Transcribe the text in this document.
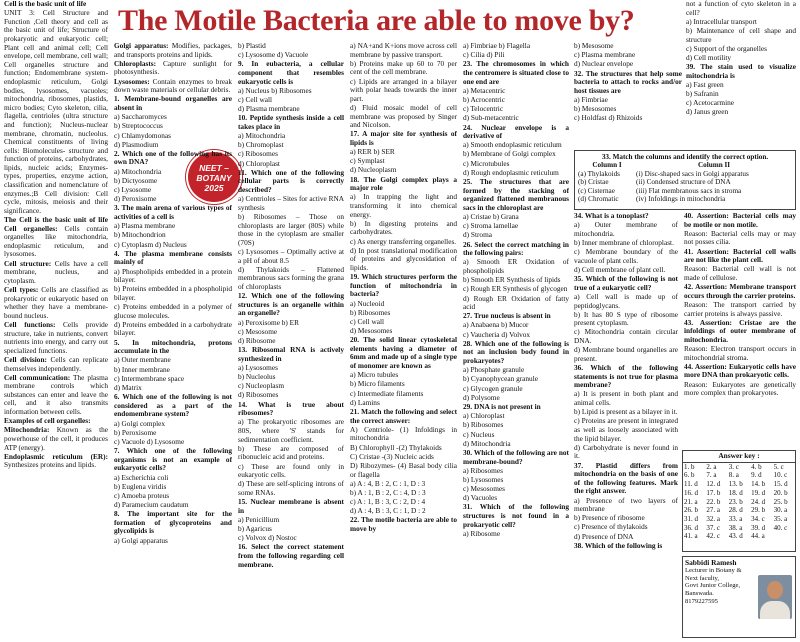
The Motile Bacteria are able to move by?
NEET –
BOTANY
2025

Cell is the basic unit of life

UNIT 3: Cell Structure and Function ,Cell theory and cell as the basic unit of life; Structure of prokaryotic and eukaryotic cell; Plant cell and animal cell; Cell envelope, cell membrane, cell wall; Cell organelles structure and function; Endomembrane system- endoplasmic reticulum, Golgi bodies, lysosomes, vacuoles; mitochondria, ribosomes, plastids, micro bodies; Cyto skeleton, cilia, flagella, centrioles (ultra structure and function); Nucleus-nuclear membrane, chromatin, nucleolus. Chemical constituents of living cells: Biomolecules- structure and function of proteins, carbohydrates, lipids, nucleic acids; Enzymes-types, properties, enzyme action, classification and nomenclature of enzymes.;B Cell division: Cell cycle, mitosis, meiosis and their significance.

The Cell is the basic unit of life Cell organelles: Cells contain organelles like mitochondria, endoplasmic reticulum, and lysosomes.

Cell structure: Cells have a cell membrane, nucleus, and cytoplasm.

Cell types: Cells are classified as prokaryotic or eukaryotic based on whether they have a membrane-bound nucleus.

Cell functions: Cells provide structure, take in nutrients, convert nutrients into energy, and carry out specialized functions.

Cell division: Cells can replicate themselves independently.

Cell communication: The plasma membrane controls which substances can enter and leave the cell, and it also transmits information between cells.

Examples of cell organelles:

Mitochondria: Known as the powerhouse of the cell, it produces ATP (energy).

Endoplasmic reticulum (ER): Synthesizes proteins and lipids.

Golgi apparatus: Modifies, packages, and transports proteins and lipids.

Chloroplasts: Capture sunlight for photosynthesis.

Lysosomes: Contain enzymes to break down waste materials or cellular debris.

1. Membrane-bound organelles are absent in

a) Saccharomyces

b) Streptococcus

c) Chlamydomonas

d) Plasmodium

2. Which one of the following has its own DNA?

a) Mitochondria

b) Dictyosome

c) Lysosome

d) Peroxisome

3. The main arena of various types of activities of a cell is

a) Plasma membrane

b) Mitochondrion

c) Cytoplasm d) Nucleus

4. The plasma membrane consists mainly of

a) Phospholipids embedded in a protein bilayer.

b) Proteins embedded in a phospholipid bilayer.

c) Proteins embedded in a polymer of glucose molecules.

d) Proteins embedded in a carbohydrate bilayer.

5. In mitochondria, protons accumulate in the

a) Outer membrane

b) Inner membrane

c) Intermembrane space

d) Matrix

6. Which one of the following is not considered as a part of the endomembrane system?

a) Golgi complex

b) Peroxisome

c) Vacuole d) Lysosome

7. Which one of the following organisms is not an example of eukaryotic cells?

a) Escherichia coli

b) Euglena viridis

c) Amoeba proteus

d) Paramecium caudatum

8. The important site for the formation of glycoproteins and glycolipids is

a) Golgi apparatus

b) Plastid

c) Lysosome d) Vacuole

9. In eubacteria, a cellular component that resembles eukaryotic cells is

a) Nucleus b) Ribosomes

c) Cell wall

d) Plasma membrane

10. Peptide synthesis inside a cell takes place in

a) Mitochondria

b) Chromoplast

c) Ribosomes

d) Chloroplast

11. Which one of the following cellular parts is correctly described?

a) Centrioles – Sites for active RNA synthesis

b) Ribosomes – Those on chloroplasts are larger (80S) while those in the cytoplasm are smaller (70S)

c) Lysosomes – Optimally active at a pH of about 8.5

d) Thylakoids – Flattened membranous sacs forming the grana of chloroplasts

12. Which one of the following structures is an organelle within an organelle?

a) Peroxisome b) ER

c) Mesosome

d) Ribosome

13. Ribosomal RNA is actively synthesized in

a) Lysosomes

b) Nucleolus

c) Nucleoplasm

d) Ribosomes

14. What is true about ribosomes?

a) The prokaryotic ribosomes are 80S, where 'S' stands for sedimentation coefficient.

b) These are composed of ribonucleic acid and proteins.

c) These are found only in eukaryotic cells.

d) These are self-splicing introns of some RNAs.

15. Nuclear membrane is absent in

a) Penicillium

b) Agaricus

c) Volvox d) Nostoc

16. Select the correct statement from the following regarding cell membrane.

a) NA+and K+ions move across cell membrane by passive transport.

b) Proteins make up 60 to 70 per cent of the cell membrane.

c) Lipids are arranged in a bilayer with polar heads towards the inner part.

d) Fluid mosaic model of cell membrane was proposed by Singer and Nicolson.

17. A major site for synthesis of lipids is

a) RER b) SER

c) Symplast

d) Nucleoplasm

18. The Golgi complex plays a major role

a) In trapping the light and transforming it into chemical energy.

b) In digesting proteins and carbohydrates.

c) As energy transferring organelles.

d) In post translational modification of proteins and glycosidation of lipids.

19. Which structures perform the function of mitochondria in bacteria?

a) Nucleoid

b) Ribosomes

c) Cell wall

d) Mesosomes

20. The solid linear cytoskeletal elements having a diameter of 6mm and made up of a single type of monomer are known as

a) Micro tubules

b) Micro filaments

c) Intermediate filaments

d) Lamins

21. Match the following and select the correct answer:

A) Centriole- (1) Infoldings in mitochondria

B) Chlorophyll -(2) Thylakoids

C) Cristae -(3) Nucleic acids

D) Ribozymes- (4) Basal body cilia or flagella

a) A : 4, B : 2, C : 1, D : 3

b) A : 1, B : 2, C : 4, D : 3

c) A : 1, B : 3, C : 2, D : 4

d) A : 4, B : 3, C : 1, D : 2

22. The motile bacteria are able to move by

a) Fimbriae b) Flagella

c) Cilia d) Pili

23. The chromosomes in which the centromere is situated close to one end are

a) Metacentric

b) Acrocentric

c) Telocentric

d) Sub-metacentric

24. Nuclear envelope is a derivative of

a) Smooth endoplasmic reticulum

b) Membrane of Golgi complex

c) Microtubules

d) Rough endoplasmic reticulum

25. The structures that are formed by the stacking of organized flattened membranous sacs in the chloroplast are

a) Cristae b) Grana

c) Stroma lamellae

d) Stroma

26. Select the correct matching in the following pairs:

a) Smooth ER Oxidation of phospholipids

b) Smooth ER Synthesis of lipids

c) Rough ER Synthesis of glycogen

d) Rough ER Oxidation of fatty acid

27. True nucleus is absent in

a) Anabaena b) Mucor

c) Vaucheria d) Volvox

28. Which one of the following is not an inclusion body found in prokaryotes?

a) Phosphate granule

b) Cyanophycean granule

c) Glycogen granule

d) Polysome

29. DNA is not present in

a) Chloroplast

b) Ribosomes

c) Nucleus

d) Mitochondria

30. Which of the following are not membrane-bound?

a) Ribosomes

b) Lysosomes

c) Mesosomes

d) Vacuoles

31. Which of the following structures is not found in a prokaryotic cell?

a) Ribosome

b) Mesosome

c) Plasma membrane

d) Nuclear envelope

32. The structures that help some bacteria to attach to rocks and/or host tissues are

a) Fimbriae

b) Mesosomes

c) Holdfast d) Rhizoids

not a function of cyto skeleton in a cell?

a) Intracellular transport

b) Maintenance of cell shape and structure

c) Support of the organelles

d) Cell motility

39. The stain used to visualize mitochondria is

a) Fast green

b) Safranin

c) Acetocarmine

d) Janus green

33. Match the columns and identify the correct option.
Column I	Column II
(a) Thylakoids	(i) Disc-shaped sacs in Golgi apparatus
(b) Cristae	(ii) Condensed structure of DNA
(c) Cisternae	(iii) Flat membranous sacs in stroma
(d) Chromatic	(iv) Infoldings in mitochondria

34. What is a tonoplast?

a) Outer membrane of mitochondria.

b) Inner membrane of chloroplast.

c) Membrane boundary of the vacuole of plant cells.

d) Cell membrane of plant cell.

35. Which of the following is not true of a eukaryotic cell?

a) Cell wall is made up of peptidoglycans.

b) It has 80 S type of ribosome present cytoplasm.

c) Mitochondria contain circular DNA.

d) Membrane bound organelles are present.

36. Which of the following statements is not true for plasma membrane?

a) It is present in both plant and animal cells.

b) Lipid is present as a bilayer in it.

c) Proteins are present in integrated as well as loosely associated with the lipid bilayer.

d) Carbohydrate is never found in it.

37. Plastid differs from mitochondria on the basis of one of the following features. Mark the right answer.

a) Presence of two layers of membrane

b) Presence of ribosome

c) Presence of thylakoids

d) Presence of DNA

38. Which of the following is

40. Assertion: Bacterial cells may be motile or non motile.

Reason: Bacterial cells may or may not posses cilia.

41. Assertion: Bacterial cell walls are not like the plant cell.

Reason: Bacterial cell wall is not made of cellulose.

42. Assertion: Membrane transport occurs through the carrier proteins.

Reason: The transport carried by carrier proteins is always passive.

43. Assertion: Cristae are the infoldings of outer membrane of mitochondria.

Reason: Electron transport occurs in mitochondrial stroma.

44. Assertion: Eukaryotic cells have more DNA than prokaryotic cells.

Reason: Eukaryotes are genetically more complex than prokaryotes.

Answer key :
1. b	2. a	3. c	4. b	5. c
6. b	7. a	8. a	9. d	10. c
11. d	12. d	13. b	14. b	15. d
16. d	17. b	18. d	19. d	20. b
21. a	22. b	23. b	24. d	25. b
26. b	27. a	28. d	29. b	30. a
31. d	32. a	33. a	34. c	35. a
36. d	37. c	38. a	39. d	40. c
41. a	42. c	43. d	44. a	
Sabbidi Ramesh
Lecturer in Botany &
Next faculty,
Govt Junior College,
Banswada.
8179227595
